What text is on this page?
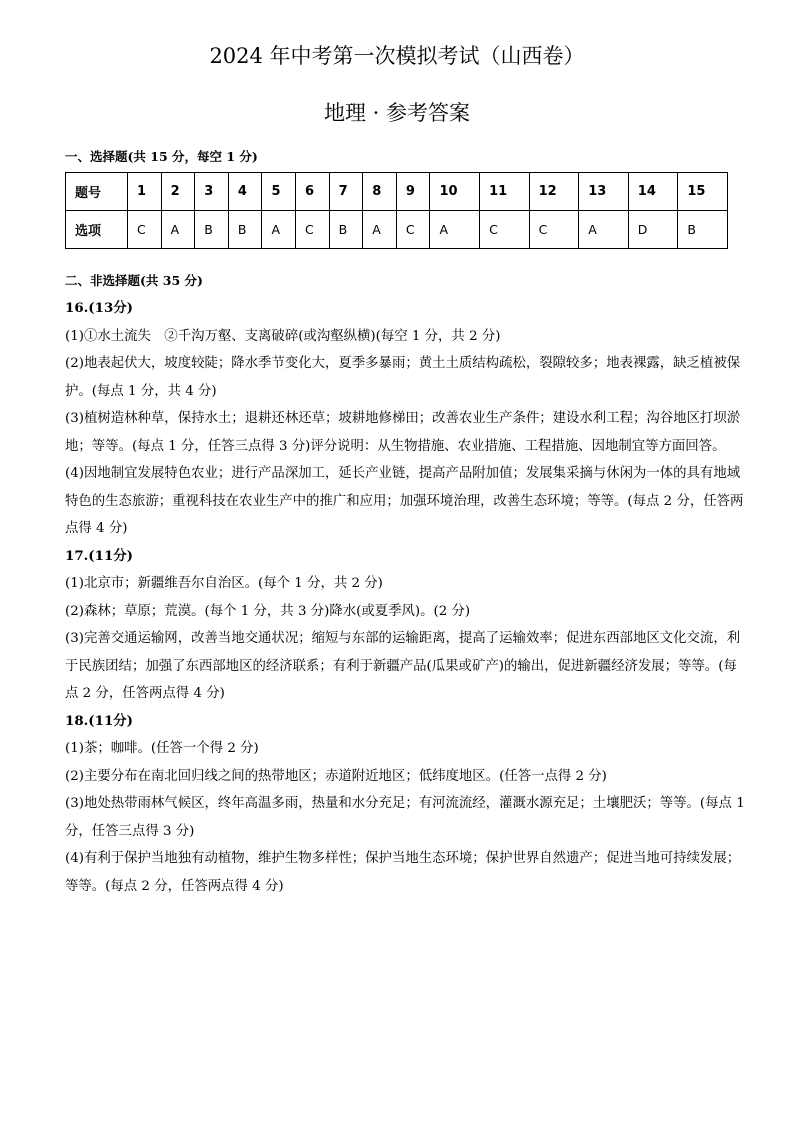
2024 年中考第一次模拟考试（山西卷）
地理 · 参考答案
一、选择题(共 15 分，每空 1 分)
题号	1	2	3	4	5	6	7	8	9	10	11	12	13	14	15
选项	C	A	B	B	A	C	B	A	C	A	C	C	A	D	B
二、非选择题(共 35 分)

16.(13分)

(1)①水土流失　②千沟万壑、支离破碎(或沟壑纵横)(每空 1 分，共 2 分)

(2)地表起伏大，坡度较陡；降水季节变化大，夏季多暴雨；黄土土质结构疏松，裂隙较多；地表裸露，缺乏植被保护。(每点 1 分，共 4 分)

(3)植树造林种草，保持水土；退耕还林还草；坡耕地修梯田；改善农业生产条件；建设水利工程；沟谷地区打坝淤地；等等。(每点 1 分，任答三点得 3 分)评分说明：从生物措施、农业措施、工程措施、因地制宜等方面回答。

(4)因地制宜发展特色农业；进行产品深加工，延长产业链，提高产品附加值；发展集采摘与休闲为一体的具有地域特色的生态旅游；重视科技在农业生产中的推广和应用；加强环境治理，改善生态环境；等等。(每点 2 分，任答两点得 4 分)

17.(11分)

(1)北京市；新疆维吾尔自治区。(每个 1 分，共 2 分)

(2)森林；草原；荒漠。(每个 1 分，共 3 分)降水(或夏季风)。(2 分)

(3)完善交通运输网，改善当地交通状况；缩短与东部的运输距离，提高了运输效率；促进东西部地区文化交流，利于民族团结；加强了东西部地区的经济联系；有利于新疆产品(瓜果或矿产)的输出，促进新疆经济发展；等等。(每点 2 分，任答两点得 4 分)

18.(11分)

(1)茶；咖啡。(任答一个得 2 分)

(2)主要分布在南北回归线之间的热带地区；赤道附近地区；低纬度地区。(任答一点得 2 分)

(3)地处热带雨林气候区，终年高温多雨，热量和水分充足；有河流流经，灌溉水源充足；土壤肥沃；等等。(每点 1 分，任答三点得 3 分)

(4)有利于保护当地独有动植物，维护生物多样性；保护当地生态环境；保护世界自然遗产；促进当地可持续发展；等等。(每点 2 分，任答两点得 4 分)
